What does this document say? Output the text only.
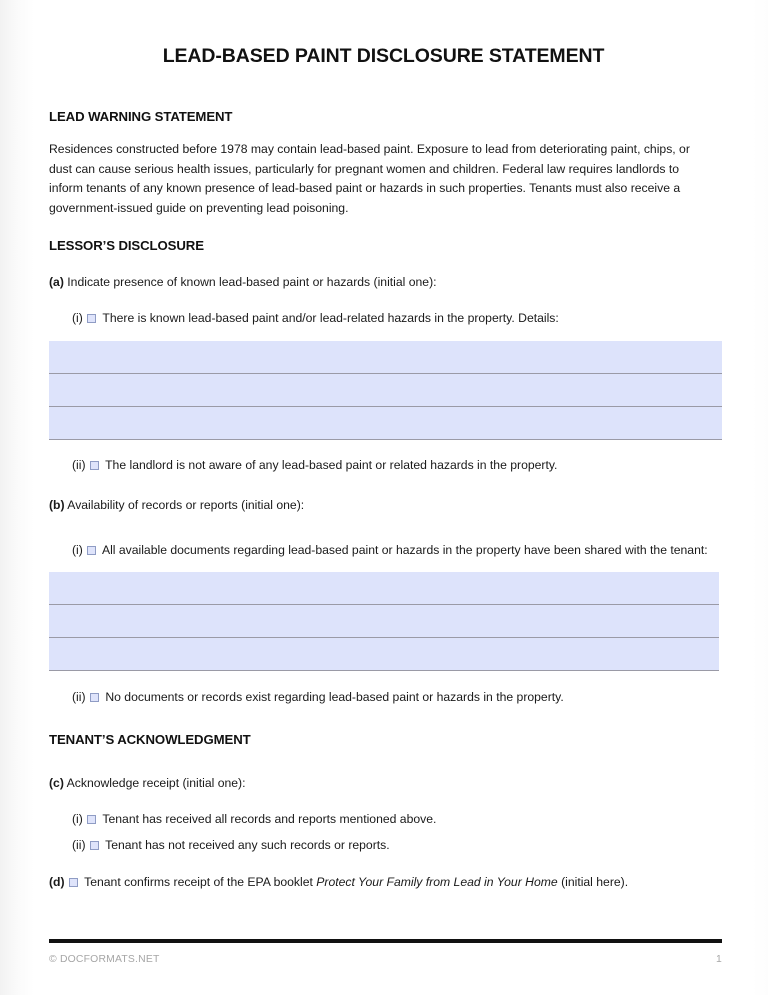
LEAD-BASED PAINT DISCLOSURE STATEMENT
LEAD WARNING STATEMENT
Residences constructed before 1978 may contain lead-based paint. Exposure to lead from deteriorating paint, chips, or dust can cause serious health issues, particularly for pregnant women and children. Federal law requires landlords to inform tenants of any known presence of lead-based paint or hazards in such properties. Tenants must also receive a government-issued guide on preventing lead poisoning.
LESSOR’S DISCLOSURE
(a) Indicate presence of known lead-based paint or hazards (initial one):
(i) There is known lead-based paint and/or lead-related hazards in the property. Details:
(ii) The landlord is not aware of any lead-based paint or related hazards in the property.
(b) Availability of records or reports (initial one):
(i) All available documents regarding lead-based paint or hazards in the property have been shared with the tenant:
(ii) No documents or records exist regarding lead-based paint or hazards in the property.
TENANT’S ACKNOWLEDGMENT
(c) Acknowledge receipt (initial one):
(i) Tenant has received all records and reports mentioned above.
(ii) Tenant has not received any such records or reports.
(d) Tenant confirms receipt of the EPA booklet Protect Your Family from Lead in Your Home (initial here).
© DOCFORMATS.NET	1
